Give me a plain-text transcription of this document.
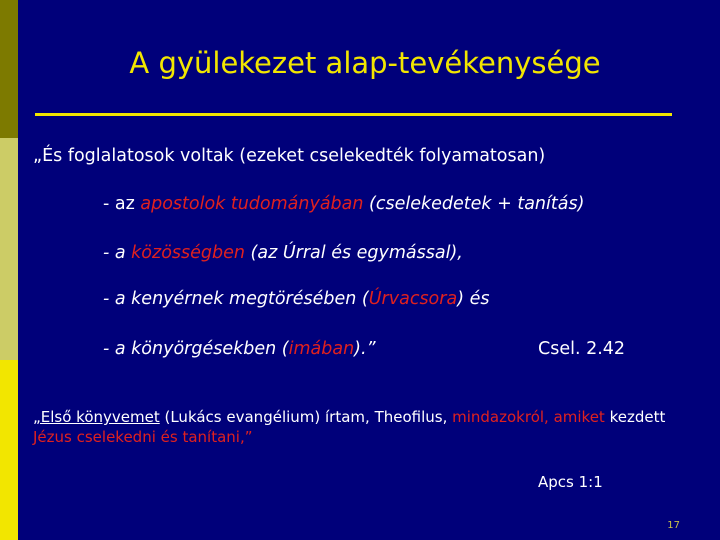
A gyülekezet alap-tevékenysége
„És foglalatosok voltak (ezeket cselekedték folyamatosan)
- az apostolok tudományában (cselekedetek + tanítás)
- a közösségben (az Úrral és egymással),
- a kenyérnek megtörésében (Úrvacsora) és
- a könyörgésekben (imában).”	Csel. 2.42
„Első könyvemet (Lukács evangélium) írtam, Theofilus, mindazokról, amiket kezdett Jézus cselekedni és tanítani,”
Apcs 1:1
17
